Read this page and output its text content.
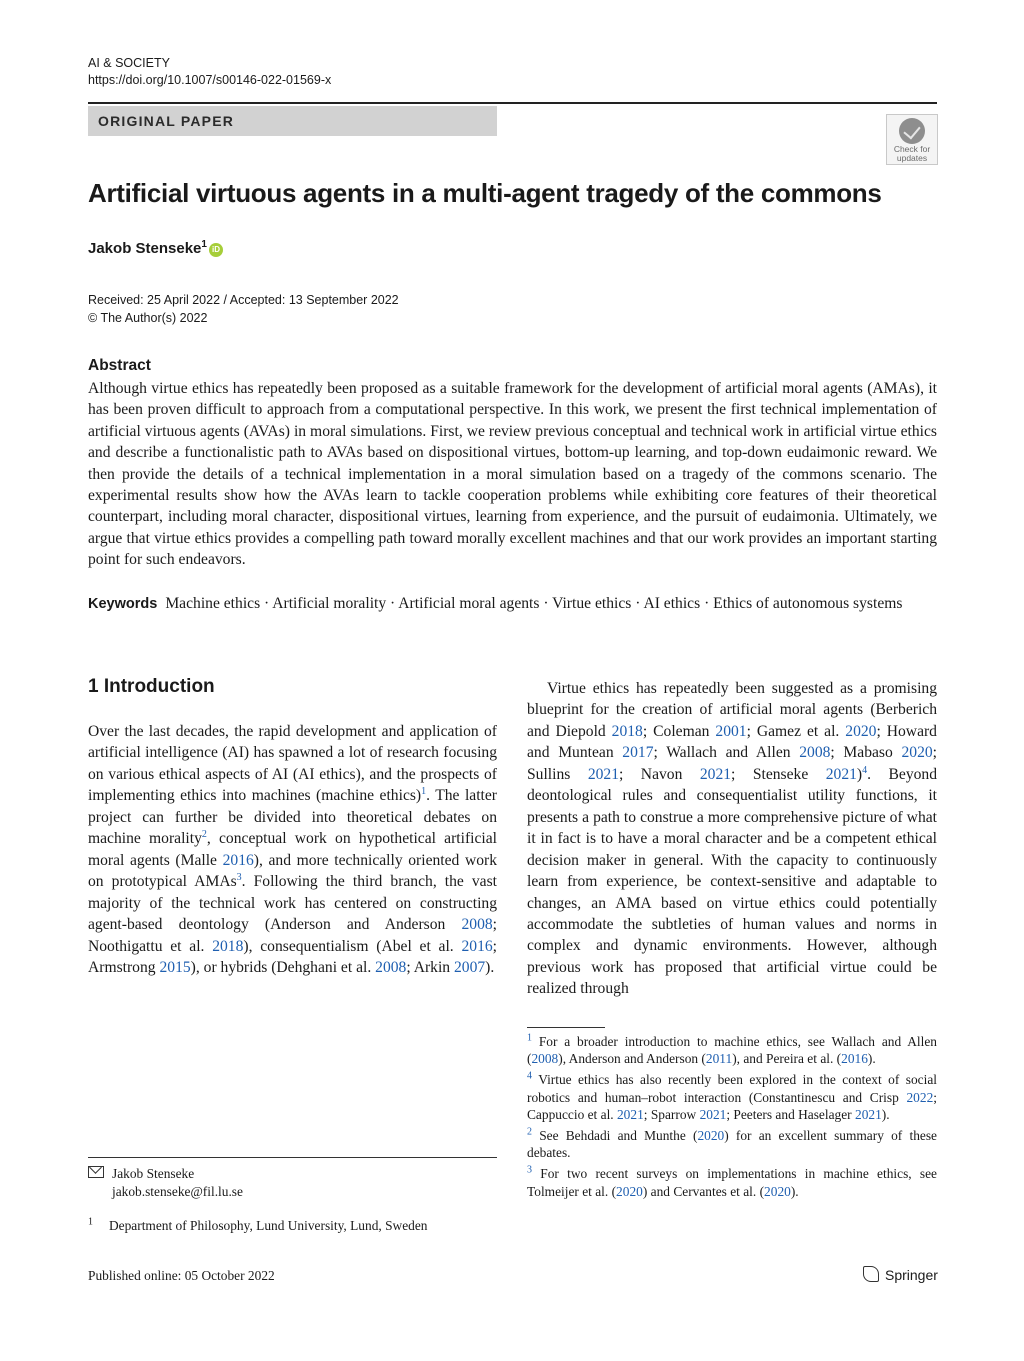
AI & SOCIETY
https://doi.org/10.1007/s00146-022-01569-x
ORIGINAL PAPER
Check for
updates
Artificial virtuous agents in a multi-agent tragedy of the commons
Jakob Stenseke$^1$ iD
Received: 25 April 2022 / Accepted: 13 September 2022
© The Author(s) 2022
Abstract
Although virtue ethics has repeatedly been proposed as a suitable framework for the development of artificial moral agents (AMAs), it has been proven difficult to approach from a computational perspective. In this work, we present the first technical implementation of artificial virtuous agents (AVAs) in moral simulations. First, we review previous conceptual and technical work in artificial virtue ethics and describe a functionalistic path to AVAs based on dispositional virtues, bottom-up learning, and top-down eudaimonic reward. We then provide the details of a technical implementation in a moral simulation based on a tragedy of the commons scenario. The experimental results show how the AVAs learn to tackle cooperation problems while exhibiting core features of their theoretical counterpart, including moral character, dispositional virtues, learning from experience, and the pursuit of eudaimonia. Ultimately, we argue that virtue ethics provides a compelling path toward morally excellent machines and that our work provides an important starting point for such endeavors.
Keywords Machine ethics · Artificial morality · Artificial moral agents · Virtue ethics · AI ethics · Ethics of autonomous systems
1 Introduction

Over the last decades, the rapid development and application of artificial intelligence (AI) has spawned a lot of research focusing on various ethical aspects of AI (AI ethics), and the prospects of implementing ethics into machines (machine ethics)$^1$. The latter project can further be divided into theoretical debates on machine morality$^2$, conceptual work on hypothetical artificial moral agents (Malle 2016), and more technically oriented work on prototypical AMAs$^3$. Following the third branch, the vast majority of the technical work has centered on constructing agent-based deontology (Anderson and Anderson 2008; Noothigattu et al. 2018), consequentialism (Abel et al. 2016; Armstrong 2015), or hybrids (Dehghani et al. 2008; Arkin 2007).

Virtue ethics has repeatedly been suggested as a promising blueprint for the creation of artificial moral agents (Berberich and Diepold 2018; Coleman 2001; Gamez et al. 2020; Howard and Muntean 2017; Wallach and Allen 2008; Mabaso 2020; Sullins 2021; Navon 2021; Stenseke 2021)$^4$. Beyond deontological rules and consequentialist utility functions, it presents a path to construe a more comprehensive picture of what it in fact is to have a moral character and be a competent ethical decision maker in general. With the capacity to continuously learn from experience, be context-sensitive and adaptable to changes, an AMA based on virtue ethics could potentially accommodate the subtleties of human values and norms in complex and dynamic environments. However, although previous work has proposed that artificial virtue could be realized through

$^1$ For a broader introduction to machine ethics, see Wallach and Allen (2008), Anderson and Anderson (2011), and Pereira et al. (2016).

$^4$ Virtue ethics has also recently been explored in the context of social robotics and human–robot interaction (Constantinescu and Crisp 2022; Cappuccio et al. 2021; Sparrow 2021; Peeters and Haselager 2021).

$^2$ See Behdadi and Munthe (2020) for an excellent summary of these debates.

$^3$ For two recent surveys on implementations in machine ethics, see Tolmeijer et al. (2020) and Cervantes et al. (2020).

Jakob Stenseke
jakob.stenseke@fil.lu.se
$^1$ Department of Philosophy, Lund University, Lund, Sweden
Published online: 05 October 2022	Springer
